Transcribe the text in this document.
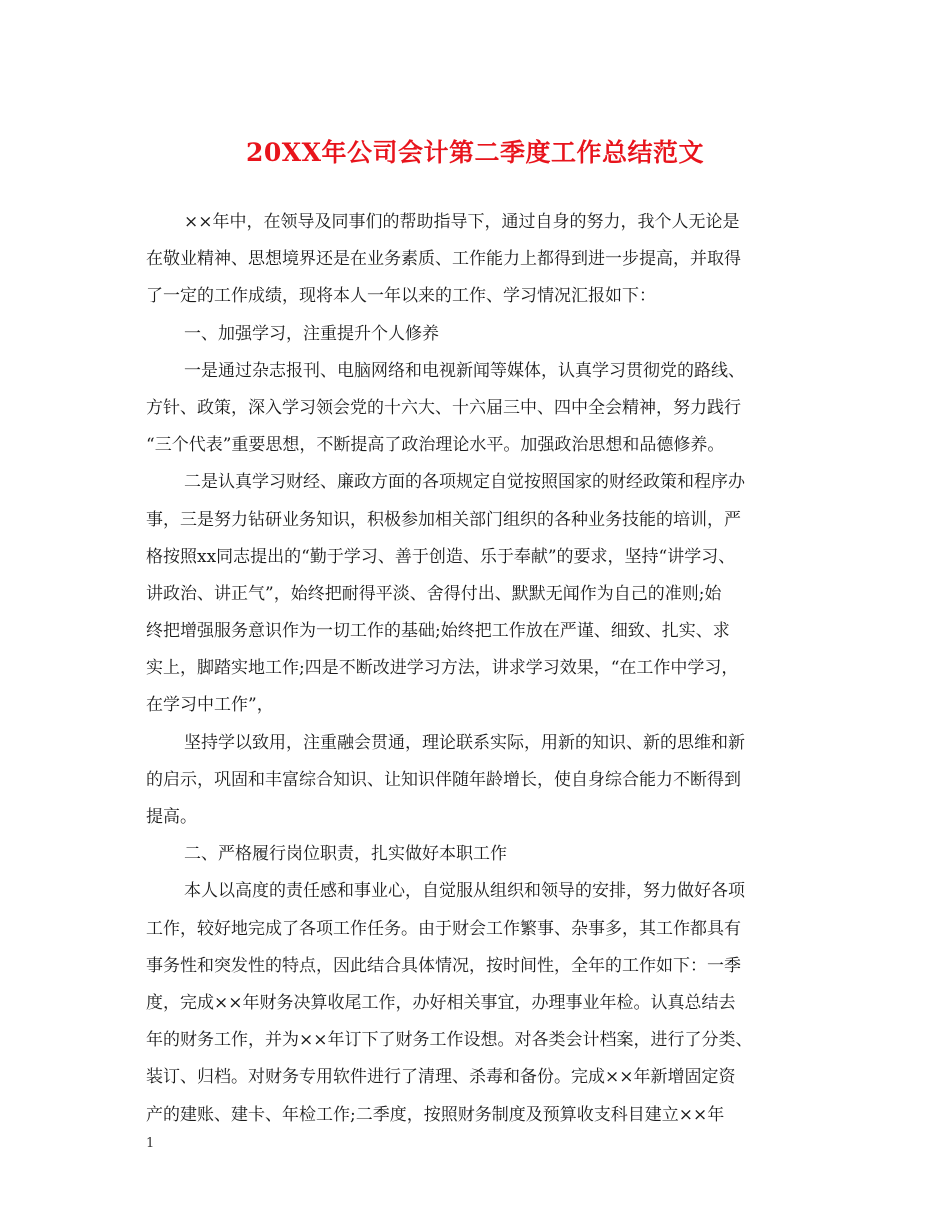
20XX年公司会计第二季度工作总结范文
××年中，在领导及同事们的帮助指导下，通过自身的努力，我个人无论是
在敬业精神、思想境界还是在业务素质、工作能力上都得到进一步提高，并取得
了一定的工作成绩，现将本人一年以来的工作、学习情况汇报如下：
一、加强学习，注重提升个人修养
一是通过杂志报刊、电脑网络和电视新闻等媒体，认真学习贯彻党的路线、
方针、政策，深入学习领会党的十六大、十六届三中、四中全会精神，努力践行
“三个代表”重要思想，不断提高了政治理论水平。加强政治思想和品德修养。
二是认真学习财经、廉政方面的各项规定自觉按照国家的财经政策和程序办
事，三是努力钻研业务知识，积极参加相关部门组织的各种业务技能的培训，严
格按照xx同志提出的“勤于学习、善于创造、乐于奉献”的要求，坚持“讲学习、
讲政治、讲正气”，始终把耐得平淡、舍得付出、默默无闻作为自己的准则;始
终把增强服务意识作为一切工作的基础;始终把工作放在严谨、细致、扎实、求
实上，脚踏实地工作;四是不断改进学习方法，讲求学习效果，“在工作中学习，
在学习中工作”，
坚持学以致用，注重融会贯通，理论联系实际，用新的知识、新的思维和新
的启示，巩固和丰富综合知识、让知识伴随年龄增长，使自身综合能力不断得到
提高。
二、严格履行岗位职责，扎实做好本职工作
本人以高度的责任感和事业心，自觉服从组织和领导的安排，努力做好各项
工作，较好地完成了各项工作任务。由于财会工作繁事、杂事多，其工作都具有
事务性和突发性的特点，因此结合具体情况，按时间性，全年的工作如下：一季
度，完成××年财务决算收尾工作，办好相关事宜，办理事业年检。认真总结去
年的财务工作，并为××年订下了财务工作设想。对各类会计档案，进行了分类、
装订、归档。对财务专用软件进行了清理、杀毒和备份。完成××年新增固定资
产的建账、建卡、年检工作;二季度，按照财务制度及预算收支科目建立××年
1
